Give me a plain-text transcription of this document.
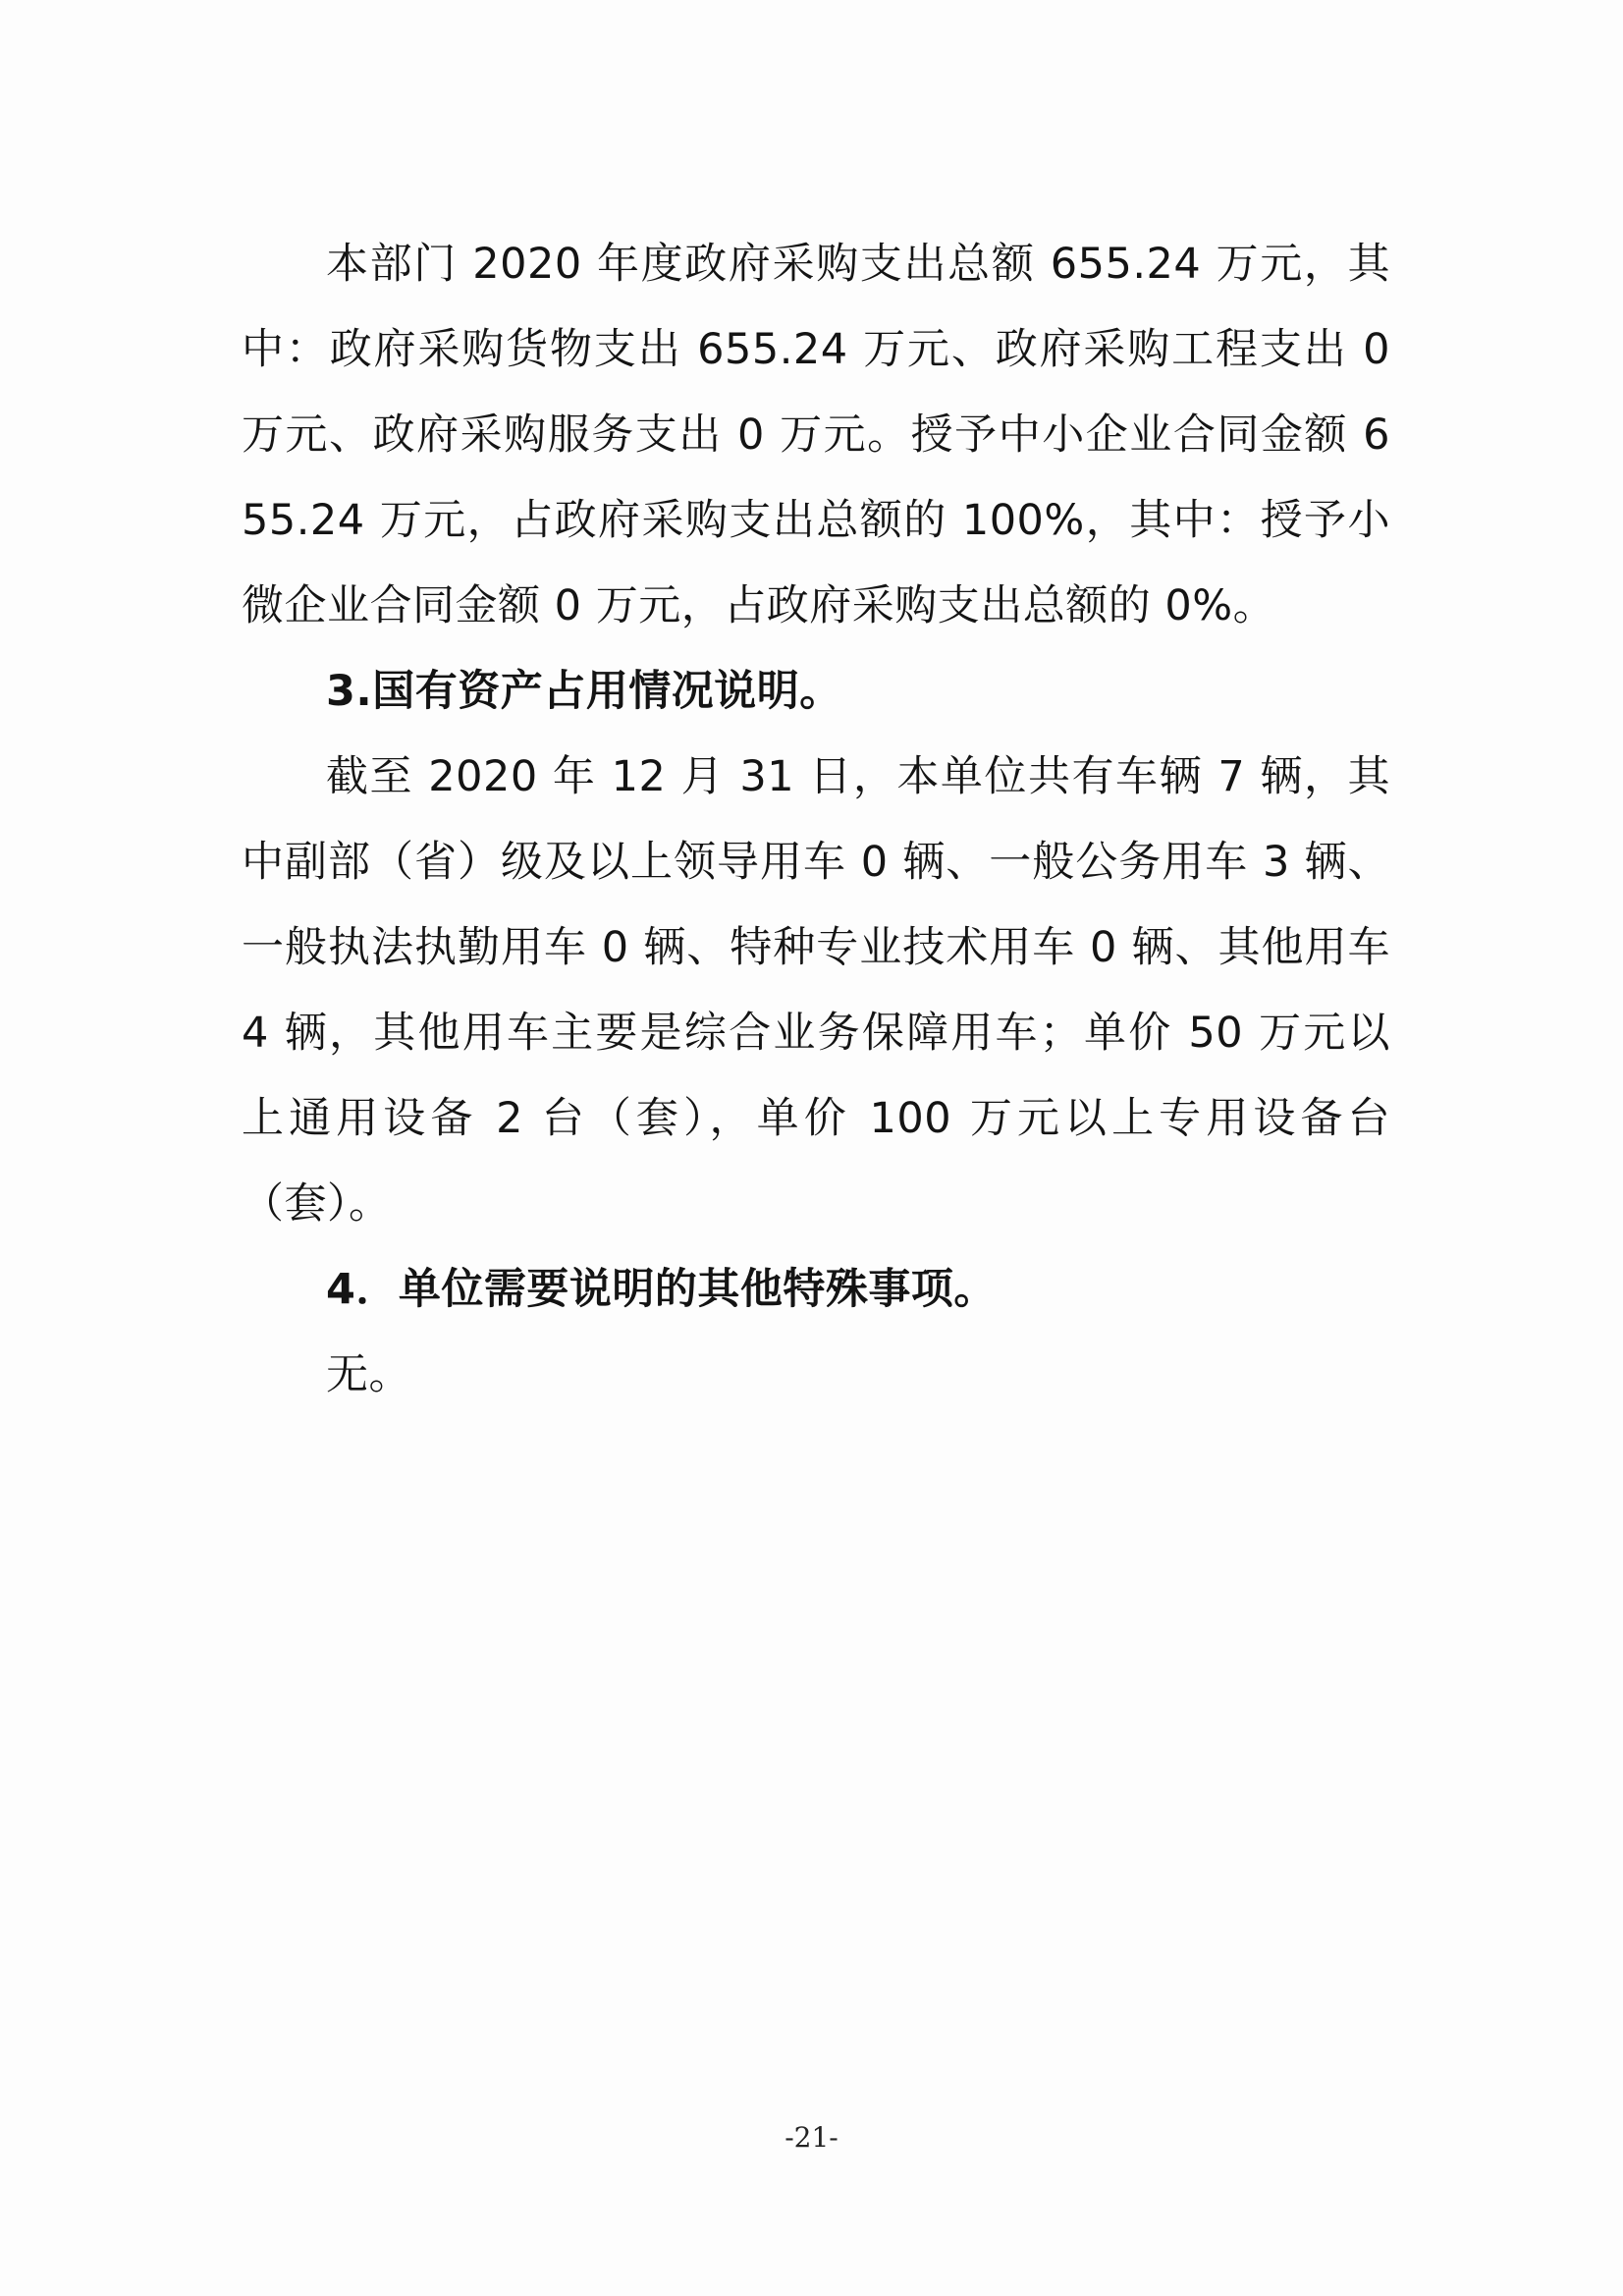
本部门 2020 年度政府采购支出总额 655.24 万元，其中：政府采购货物支出 655.24 万元、政府采购工程支出 0 万元、政府采购服务支出 0 万元。授予中小企业合同金额 655.24 万元，占政府采购支出总额的 100%，其中：授予小微企业合同金额 0 万元，占政府采购支出总额的 0%。

3.国有资产占用情况说明。

截至 2020 年 12 月 31 日，本单位共有车辆 7 辆，其中副部（省）级及以上领导用车 0 辆、一般公务用车 3 辆、一般执法执勤用车 0 辆、特种专业技术用车 0 辆、其他用车 4 辆，其他用车主要是综合业务保障用车；单价 50 万元以上通用设备 2 台（套），单价 100 万元以上专用设备台（套）。

4．单位需要说明的其他特殊事项。

无。

-21-
